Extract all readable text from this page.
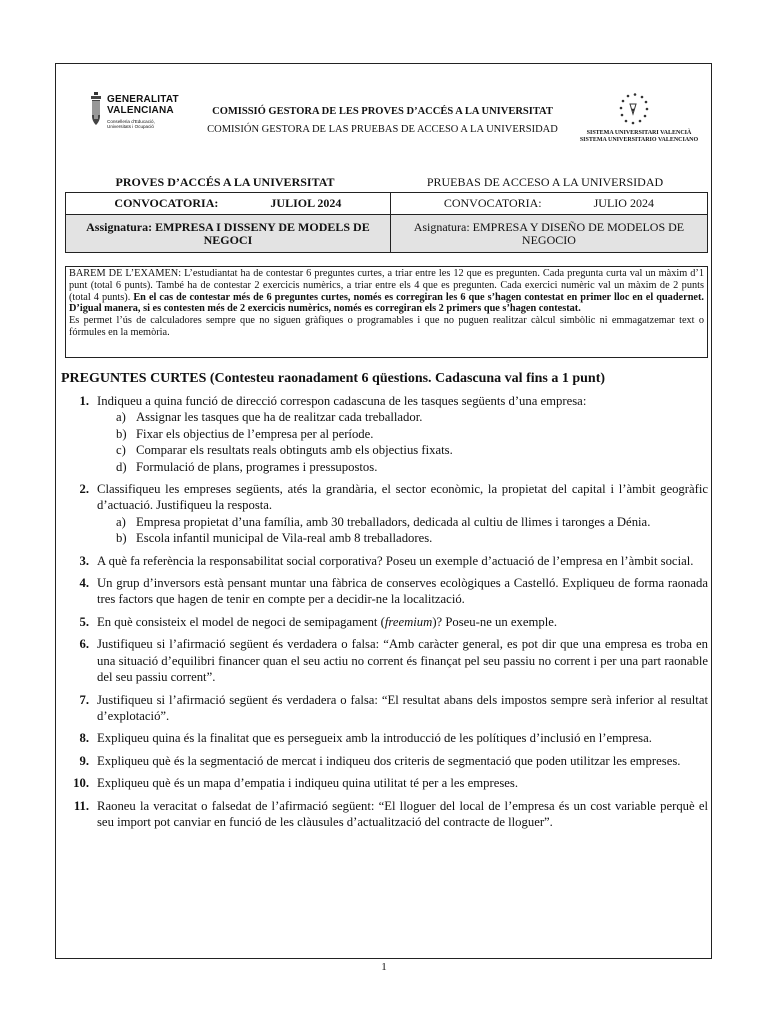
GENERALITAT
VALENCIANA
Conselleria d'Educació,
Universitats i Ocupació
COMISSIÓ GESTORA DE LES PROVES D’ACCÉS A LA UNIVERSITAT
COMISIÓN GESTORA DE LAS PRUEBAS DE ACCESO A LA UNIVERSIDAD	SISTEMA UNIVERSITARI VALENCIÀ
SISTEMA UNIVERSITARIO VALENCIANO
PROVES D’ACCÉS A LA UNIVERSITAT	PRUEBAS DE ACCESO A LA UNIVERSIDAD
CONVOCATORIA: JULIOL 2024	CONVOCATORIA: JULIO 2024
Assignatura: EMPRESA I DISSENY DE MODELS DE NEGOCI	Asignatura: EMPRESA Y DISEÑO DE MODELOS DE NEGOCIO
BAREM DE L’EXAMEN: L’estudiantat ha de contestar 6 preguntes curtes, a triar entre les 12 que es pregunten. Cada pregunta curta val un màxim d’1 punt (total 6 punts). També ha de contestar 2 exercicis numèrics, a triar entre els 4 que es pregunten. Cada exercici numèric val un màxim de 2 punts (total 4 punts). En el cas de contestar més de 6 preguntes curtes, només es corregiran les 6 que s’hagen contestat en primer lloc en el quadernet. D’igual manera, si es contesten més de 2 exercicis numèrics, només es corregiran els 2 primers que s’hagen contestat.
Es permet l’ús de calculadores sempre que no siguen gràfiques o programables i que no puguen realitzar càlcul simbòlic ni emmagatzemar text o fórmules en la memòria.
PREGUNTES CURTES (Contesteu raonadament 6 qüestions. Cadascuna val fins a 1 punt)
1. Indiqueu a quina funció de direcció correspon cadascuna de les tasques següents d’una empresa:
a) Assignar les tasques que ha de realitzar cada treballador.
b) Fixar els objectius de l’empresa per al període.
c) Comparar els resultats reals obtinguts amb els objectius fixats.
d) Formulació de plans, programes i pressupostos.
2. Classifiqueu les empreses següents, atés la grandària, el sector econòmic, la propietat del capital i l’àmbit geogràfic d’actuació. Justifiqueu la resposta.
a) Empresa propietat d’una família, amb 30 treballadors, dedicada al cultiu de llimes i taronges a Dénia.
b) Escola infantil municipal de Vila-real amb 8 treballadores.
3. A què fa referència la responsabilitat social corporativa? Poseu un exemple d’actuació de l’empresa en l’àmbit social.
4. Un grup d’inversors està pensant muntar una fàbrica de conserves ecològiques a Castelló. Expliqueu de forma raonada tres factors que hagen de tenir en compte per a decidir-ne la localització.
5. En què consisteix el model de negoci de semipagament (freemium)? Poseu-ne un exemple.
6. Justifiqueu si l’afirmació següent és verdadera o falsa: “Amb caràcter general, es pot dir que una empresa es troba en una situació d’equilibri financer quan el seu actiu no corrent és finançat pel seu passiu no corrent i per una part raonable del seu passiu corrent”.
7. Justifiqueu si l’afirmació següent és verdadera o falsa: “El resultat abans dels impostos sempre serà inferior al resultat d’explotació”.
8. Expliqueu quina és la finalitat que es persegueix amb la introducció de les polítiques d’inclusió en l’empresa.
9. Expliqueu què és la segmentació de mercat i indiqueu dos criteris de segmentació que poden utilitzar les empreses.
10. Expliqueu què és un mapa d’empatia i indiqueu quina utilitat té per a les empreses.
11. Raoneu la veracitat o falsedat de l’afirmació següent: “El lloguer del local de l’empresa és un cost variable perquè el seu import pot canviar en funció de les clàusules d’actualització del contracte de lloguer”.
1
